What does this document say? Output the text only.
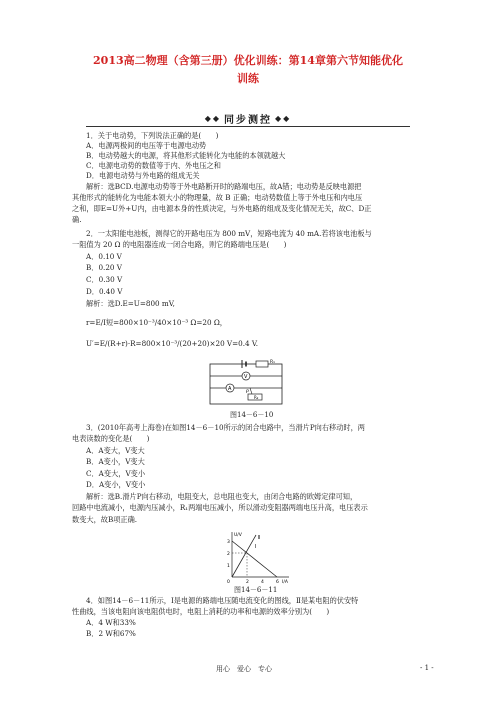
2013高二物理（含第三册）优化训练：第14章第六节知能优化
训练
◆◆ 同步测控 ◆◆
1．关于电动势，下列说法正确的是(　　)
A．电源两极间的电压等于电源电动势
B．电动势越大的电源，将其他形式能转化为电能的本领就越大
C．电源电动势的数值等于内、外电压之和
D．电源电动势与外电路的组成无关
解析：选BCD.电源电动势等于外电路断开时的路端电压，故A错；电动势是反映电源把
其他形式的能转化为电能本领大小的物理量，故 B 正确；电动势数值上等于外电压和内电压
之和，即E=U外+U内，由电源本身的性质决定，与外电路的组成及变化情况无关，故C、D正
确.
2．一太阳能电池板，测得它的开路电压为 800 mV，短路电流为 40 mA.若将该电池板与
一阻值为 20 Ω 的电阻器连成一闭合电路，则它的路端电压是(　　)
A．0.10 V
B．0.20 V
C．0.30 V
D．0.40 V
解析：选D.E=U=800 mV,
r=E/I短=800×10⁻³/40×10⁻³ Ω=20 Ω，
U′=E/(R+r)·R=800×10⁻³/(20+20)×20 V=0.4 V.
R₁
V
A
R₂
P
图14－6－10
3．(2010年高考上海卷)在如图14－6－10所示的闭合电路中，当滑片P向右移动时，两
电表读数的变化是(　　)
A．A变大，V变大
B．A变小，V变大
C．A变大，V变小
D．A变小，V变小
解析：选B.滑片P向右移动，电阻变大，总电阻也变大，由闭合电路的欧姆定律可知，
回路中电流减小，电源内压减小，R₁两端电压减小，所以滑动变阻器两端电压升高，电压表示
数变大，故B项正确.
U/V
I/A
3
2
1
0	2	4	6
Ⅰ
Ⅱ
图14－6－11
4．如图14－6－11所示，Ⅰ是电源的路端电压随电流变化的图线，Ⅱ是某电阻的伏安特
性曲线，当该电阻向该电阻供电时，电阻上消耗的功率和电源的效率分别为(　　)
A．4 W和33%
B．2 W和67%
用心　爱心　专心	- 1 -
